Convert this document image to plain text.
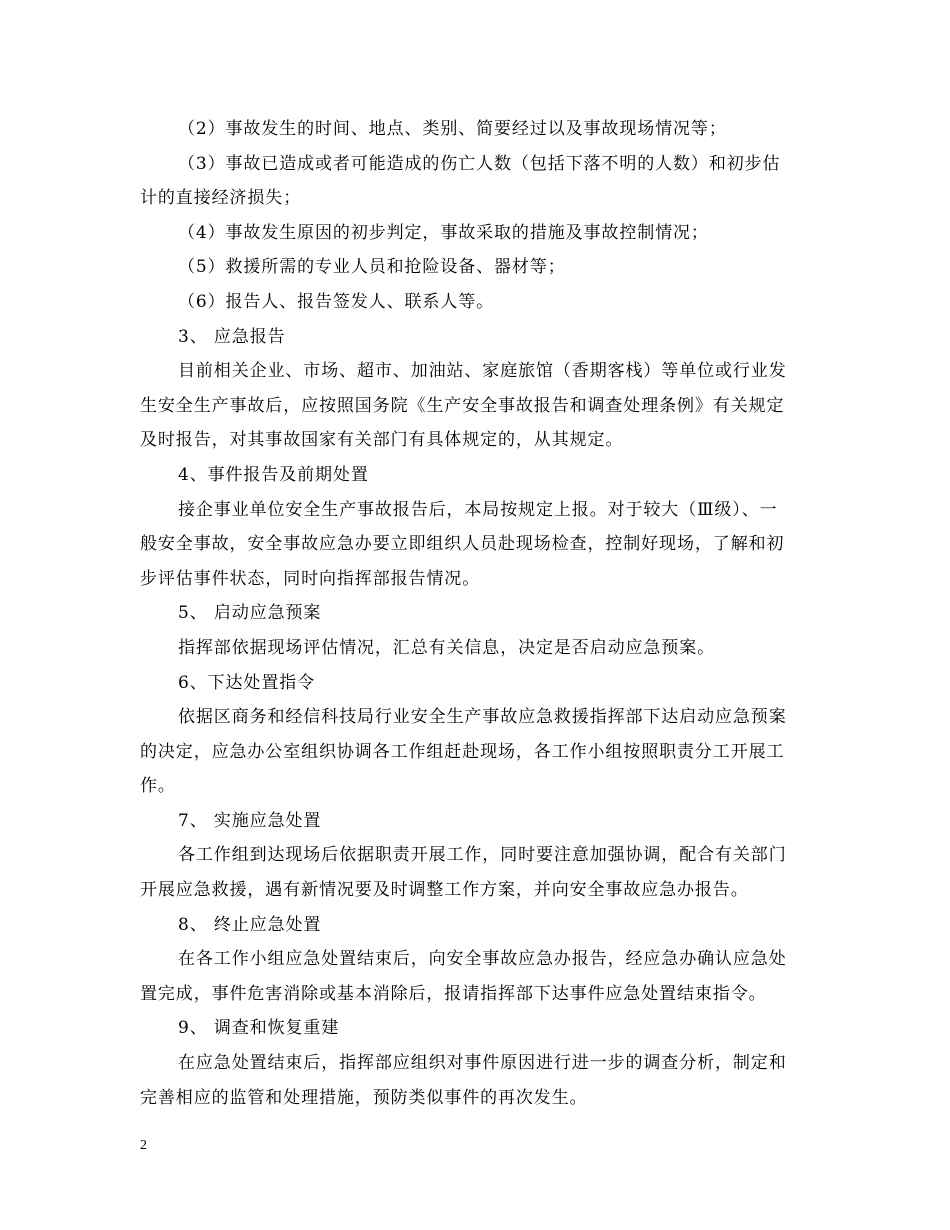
（2）事故发生的时间、地点、类别、简要经过以及事故现场情况等；
（3）事故已造成或者可能造成的伤亡人数（包括下落不明的人数）和初步估
计的直接经济损失；
（4）事故发生原因的初步判定，事故采取的措施及事故控制情况；
（5）救援所需的专业人员和抢险设备、器材等；
（6）报告人、报告签发人、联系人等。
3、 应急报告
目前相关企业、市场、超市、加油站、家庭旅馆（香期客栈）等单位或行业发
生安全生产事故后，应按照国务院《生产安全事故报告和调查处理条例》有关规定
及时报告，对其事故国家有关部门有具体规定的，从其规定。
4、事件报告及前期处置
接企事业单位安全生产事故报告后，本局按规定上报。对于较大（Ⅲ级）、一
般安全事故，安全事故应急办要立即组织人员赴现场检查，控制好现场，了解和初
步评估事件状态，同时向指挥部报告情况。
5、 启动应急预案
指挥部依据现场评估情况，汇总有关信息，决定是否启动应急预案。
6、下达处置指令
依据区商务和经信科技局行业安全生产事故应急救援指挥部下达启动应急预案
的决定，应急办公室组织协调各工作组赶赴现场，各工作小组按照职责分工开展工
作。
7、 实施应急处置
各工作组到达现场后依据职责开展工作，同时要注意加强协调，配合有关部门
开展应急救援，遇有新情况要及时调整工作方案，并向安全事故应急办报告。
8、 终止应急处置
在各工作小组应急处置结束后，向安全事故应急办报告，经应急办确认应急处
置完成，事件危害消除或基本消除后，报请指挥部下达事件应急处置结束指令。
9、 调查和恢复重建
在应急处置结束后，指挥部应组织对事件原因进行进一步的调查分析，制定和
完善相应的监管和处理措施，预防类似事件的再次发生。
2
